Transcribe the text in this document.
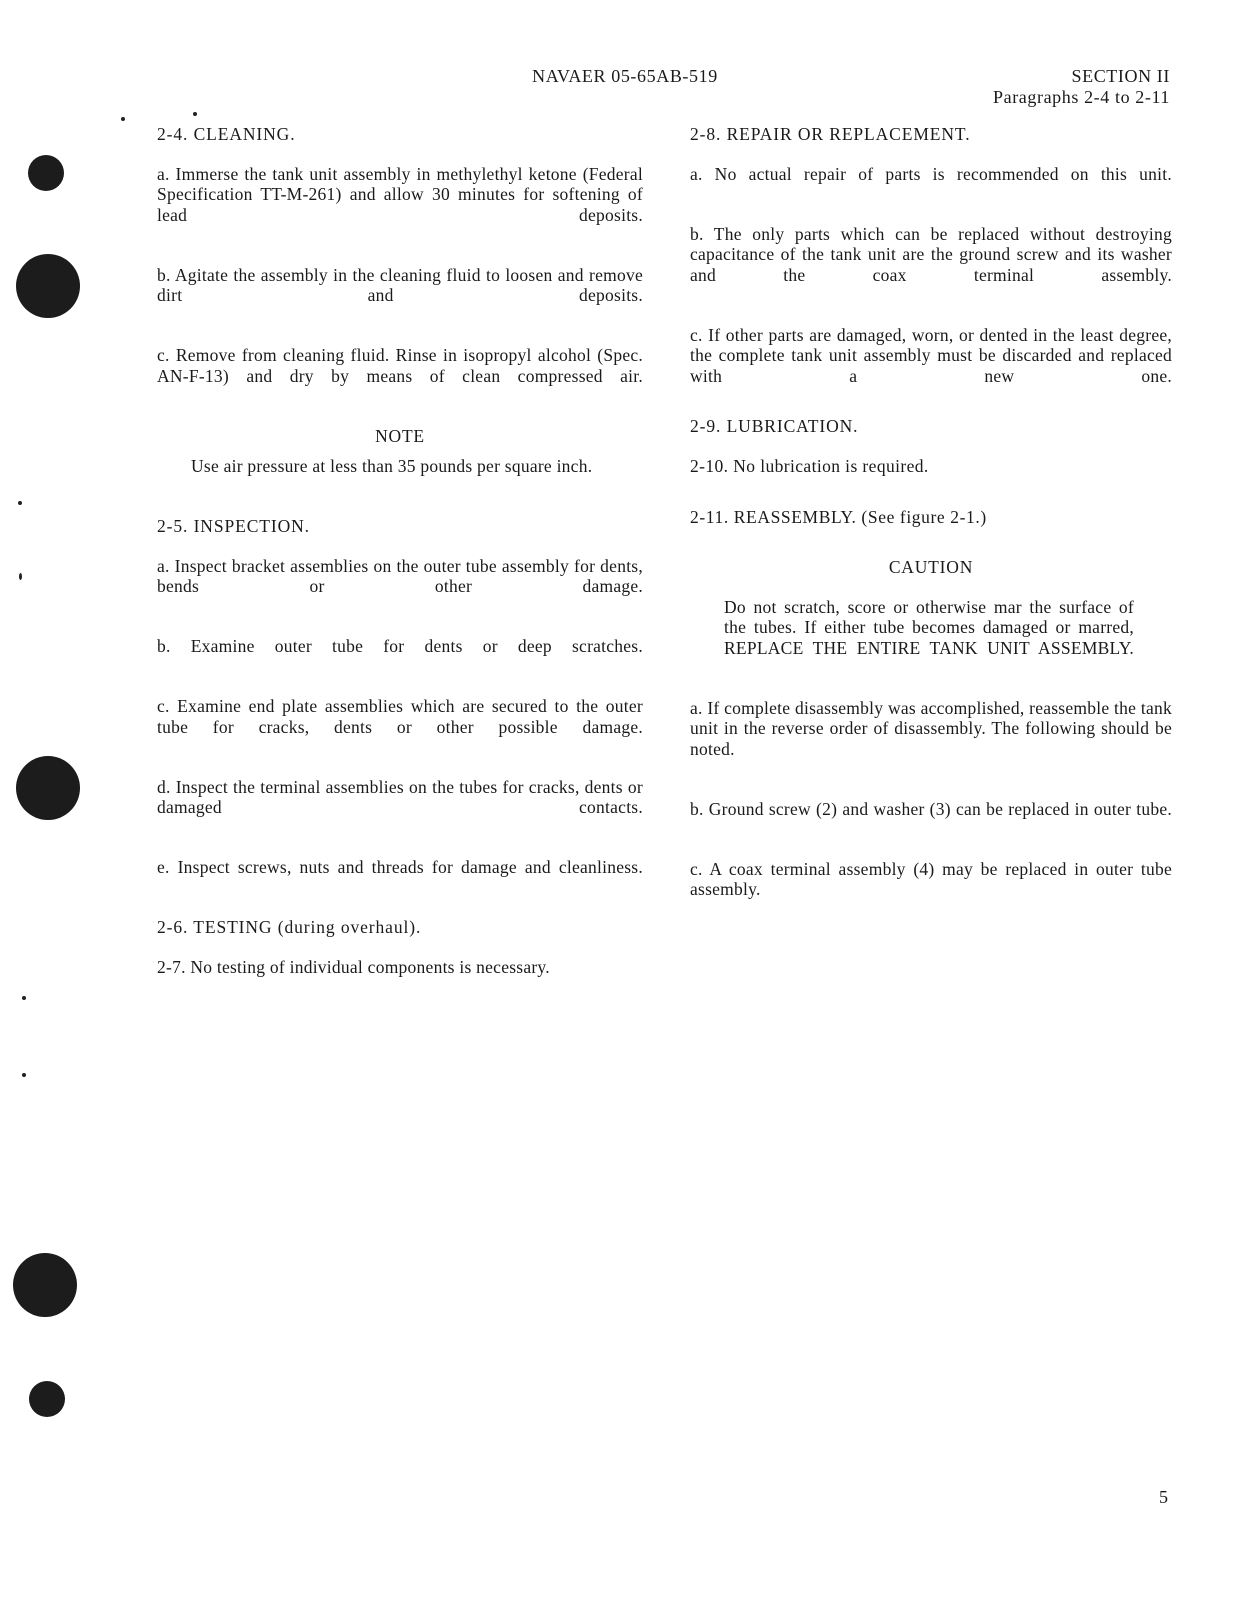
NAVAER 05-65AB-519	SECTION II
Paragraphs 2-4 to 2-11

2-4. CLEANING.

a. Immerse the tank unit assembly in methylethyl ketone (Federal Specification TT-M-261) and allow 30 minutes for softening of lead deposits.

b. Agitate the assembly in the cleaning fluid to loosen and remove dirt and deposits.

c. Remove from cleaning fluid. Rinse in isopropyl alcohol (Spec. AN-F-13) and dry by means of clean compressed air.

NOTE

Use air pressure at less than 35 pounds per square inch.

2-5. INSPECTION.

a. Inspect bracket assemblies on the outer tube assembly for dents, bends or other damage.

b. Examine outer tube for dents or deep scratches.

c. Examine end plate assemblies which are secured to the outer tube for cracks, dents or other possible damage.

d. Inspect the terminal assemblies on the tubes for cracks, dents or damaged contacts.

e. Inspect screws, nuts and threads for damage and cleanliness.

2-6. TESTING (during overhaul).

2-7. No testing of individual components is necessary.

2-8. REPAIR OR REPLACEMENT.

a. No actual repair of parts is recommended on this unit.

b. The only parts which can be replaced without destroying capacitance of the tank unit are the ground screw and its washer and the coax terminal assembly.

c. If other parts are damaged, worn, or dented in the least degree, the complete tank unit assembly must be discarded and replaced with a new one.

2-9. LUBRICATION.

2-10. No lubrication is required.

2-11. REASSEMBLY. (See figure 2-1.)

CAUTION

Do not scratch, score or otherwise mar the surface of the tubes. If either tube becomes damaged or marred, REPLACE THE ENTIRE TANK UNIT ASSEMBLY.

a. If complete disassembly was accomplished, reassemble the tank unit in the reverse order of disassembly. The following should be noted.

b. Ground screw (2) and washer (3) can be replaced in outer tube.

c. A coax terminal assembly (4) may be replaced in outer tube assembly.

5
